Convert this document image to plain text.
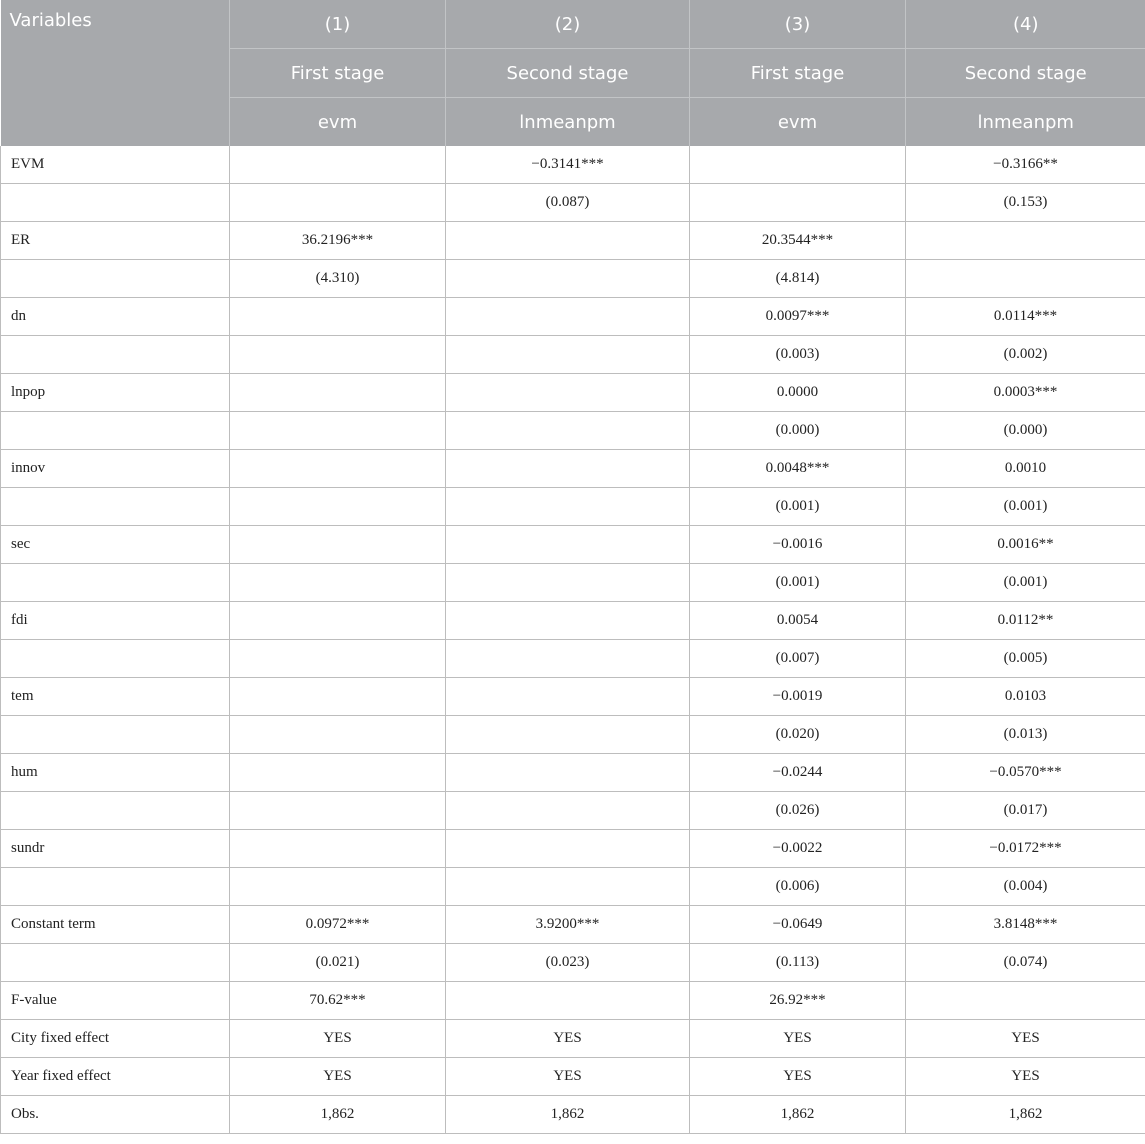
Variables	(1)	(2)	(3)	(4)
	First stage	Second stage	First stage	Second stage
	evm	lnmeanpm	evm	lnmeanpm
EVM		−0.3141***		−0.3166**
		(0.087)		(0.153)
ER	36.2196***		20.3544***	
	(4.310)		(4.814)	
dn			0.0097***	0.0114***
			(0.003)	(0.002)
lnpop			0.0000	0.0003***
			(0.000)	(0.000)
innov			0.0048***	0.0010
			(0.001)	(0.001)
sec			−0.0016	0.0016**
			(0.001)	(0.001)
fdi			0.0054	0.0112**
			(0.007)	(0.005)
tem			−0.0019	0.0103
			(0.020)	(0.013)
hum			−0.0244	−0.0570***
			(0.026)	(0.017)
sundr			−0.0022	−0.0172***
			(0.006)	(0.004)
Constant term	0.0972***	3.9200***	−0.0649	3.8148***
	(0.021)	(0.023)	(0.113)	(0.074)
F-value	70.62***		26.92***	
City fixed effect	YES	YES	YES	YES
Year fixed effect	YES	YES	YES	YES
Obs.	1,862	1,862	1,862	1,862
